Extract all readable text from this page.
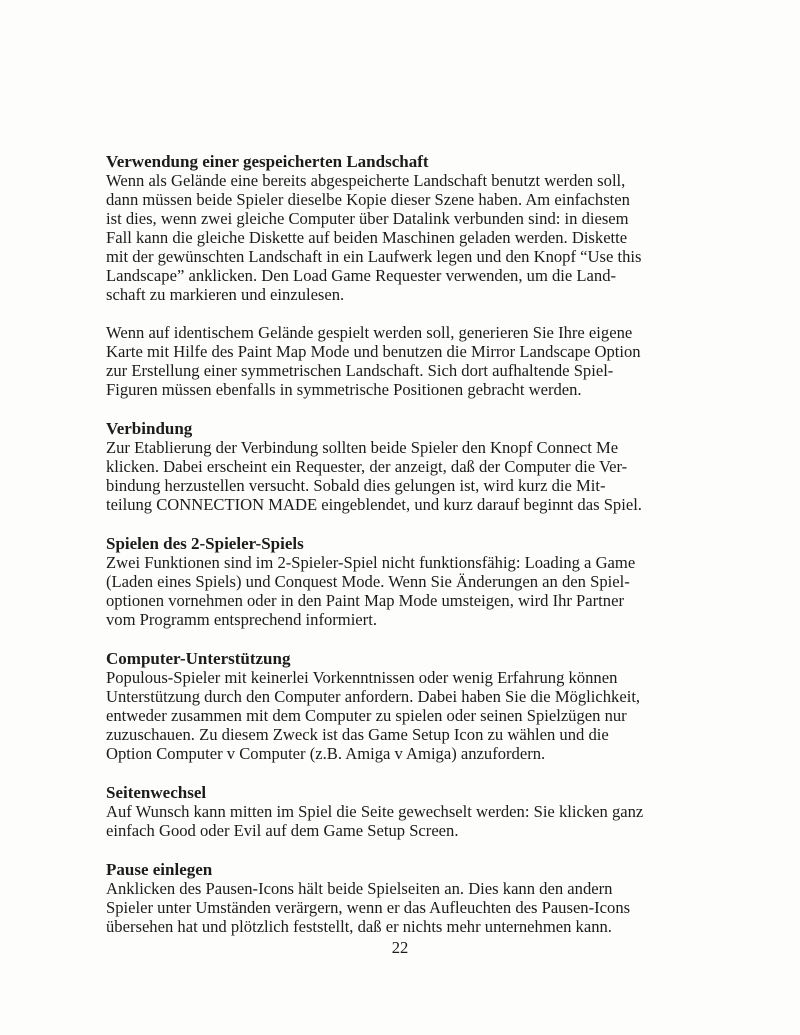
Verwendung einer gespeicherten Landschaft
Wenn als Gelände eine bereits abgespeicherte Landschaft benutzt werden soll,
dann müssen beide Spieler dieselbe Kopie dieser Szene haben. Am einfachsten
ist dies, wenn zwei gleiche Computer über Datalink verbunden sind: in diesem
Fall kann die gleiche Diskette auf beiden Maschinen geladen werden. Diskette
mit der gewünschten Landschaft in ein Laufwerk legen und den Knopf “Use this
Landscape” anklicken. Den Load Game Requester verwenden, um die Land-
schaft zu markieren und einzulesen.
Wenn auf identischem Gelände gespielt werden soll, generieren Sie Ihre eigene
Karte mit Hilfe des Paint Map Mode und benutzen die Mirror Landscape Option
zur Erstellung einer symmetrischen Landschaft. Sich dort aufhaltende Spiel-
Figuren müssen ebenfalls in symmetrische Positionen gebracht werden.
Verbindung
Zur Etablierung der Verbindung sollten beide Spieler den Knopf Connect Me
klicken. Dabei erscheint ein Requester, der anzeigt, daß der Computer die Ver-
bindung herzustellen versucht. Sobald dies gelungen ist, wird kurz die Mit-
teilung CONNECTION MADE eingeblendet, und kurz darauf beginnt das Spiel.
Spielen des 2-Spieler-Spiels
Zwei Funktionen sind im 2-Spieler-Spiel nicht funktionsfähig: Loading a Game
(Laden eines Spiels) und Conquest Mode. Wenn Sie Änderungen an den Spiel-
optionen vornehmen oder in den Paint Map Mode umsteigen, wird Ihr Partner
vom Programm entsprechend informiert.
Computer-Unterstützung
Populous-Spieler mit keinerlei Vorkenntnissen oder wenig Erfahrung können
Unterstützung durch den Computer anfordern. Dabei haben Sie die Möglichkeit,
entweder zusammen mit dem Computer zu spielen oder seinen Spielzügen nur
zuzuschauen. Zu diesem Zweck ist das Game Setup Icon zu wählen und die
Option Computer v Computer (z.B. Amiga v Amiga) anzufordern.
Seitenwechsel
Auf Wunsch kann mitten im Spiel die Seite gewechselt werden: Sie klicken ganz
einfach Good oder Evil auf dem Game Setup Screen.
Pause einlegen
Anklicken des Pausen-Icons hält beide Spielseiten an. Dies kann den andern
Spieler unter Umständen verärgern, wenn er das Aufleuchten des Pausen-Icons
übersehen hat und plötzlich feststellt, daß er nichts mehr unternehmen kann.
22
